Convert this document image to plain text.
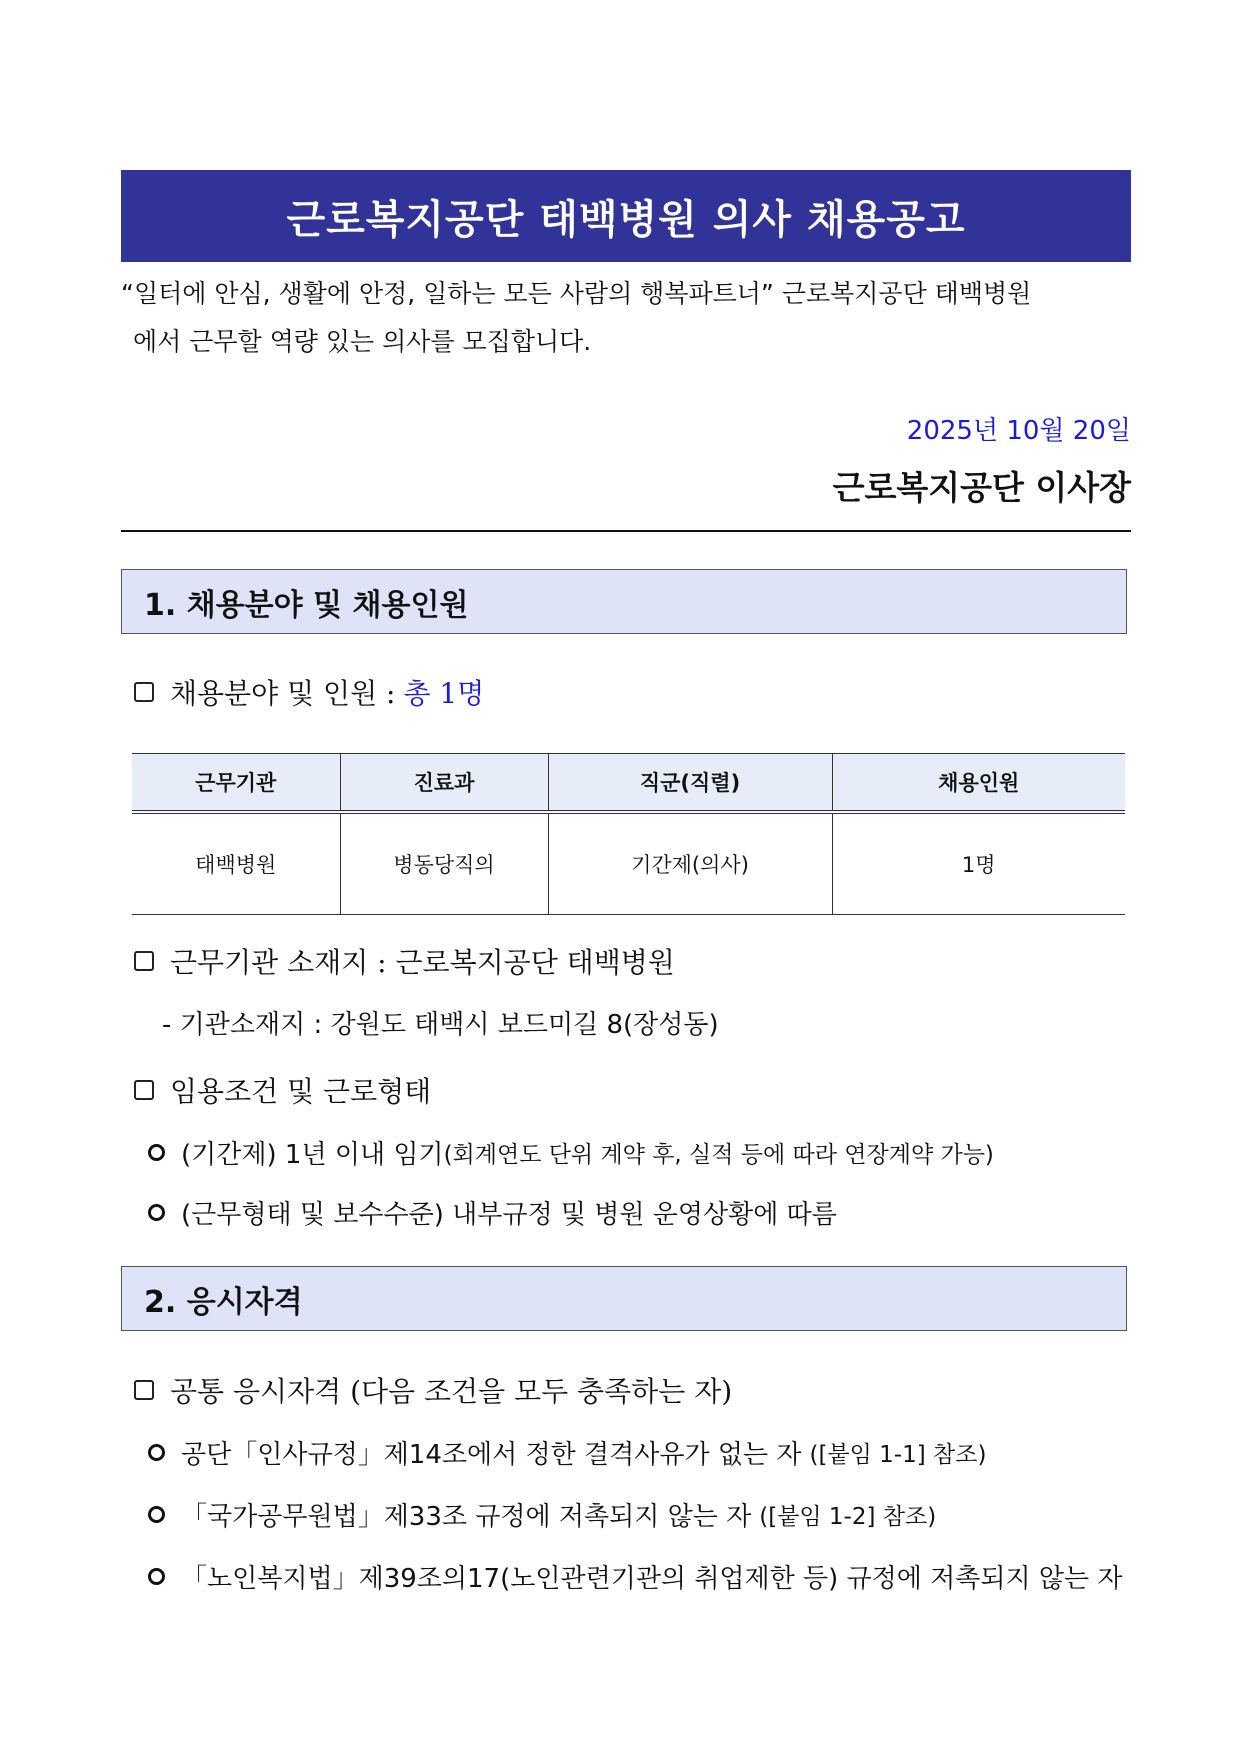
근로복지공단 태백병원 의사 채용공고
“일터에 안심, 생활에 안정, 일하는 모든 사람의 행복파트너” 근로복지공단 태백병원
에서 근무할 역량 있는 의사를 모집합니다.
2025년 10월 20일
근로복지공단 이사장
1. 채용분야 및 채용인원
채용분야 및 인원 : 총 1명
근무기관	진료과	직군(직렬)	채용인원
태백병원	병동당직의	기간제(의사)	1명
근무기관 소재지 : 근로복지공단 태백병원
- 기관소재지 : 강원도 태백시 보드미길 8(장성동)
임용조건 및 근로형태
(기간제) 1년 이내 임기 (회계연도 단위 계약 후, 실적 등에 따라 연장계약 가능)
(근무형태 및 보수수준) 내부규정 및 병원 운영상황에 따름
2. 응시자격
공통 응시자격 (다음 조건을 모두 충족하는 자)
공단「인사규정」제14조에서 정한 결격사유가 없는 자 ([붙임 1-1] 참조)
「국가공무원법」제33조 규정에 저촉되지 않는 자 ([붙임 1-2] 참조)
「노인복지법」제39조의17(노인관련기관의 취업제한 등) 규정에 저촉되지 않는 자
